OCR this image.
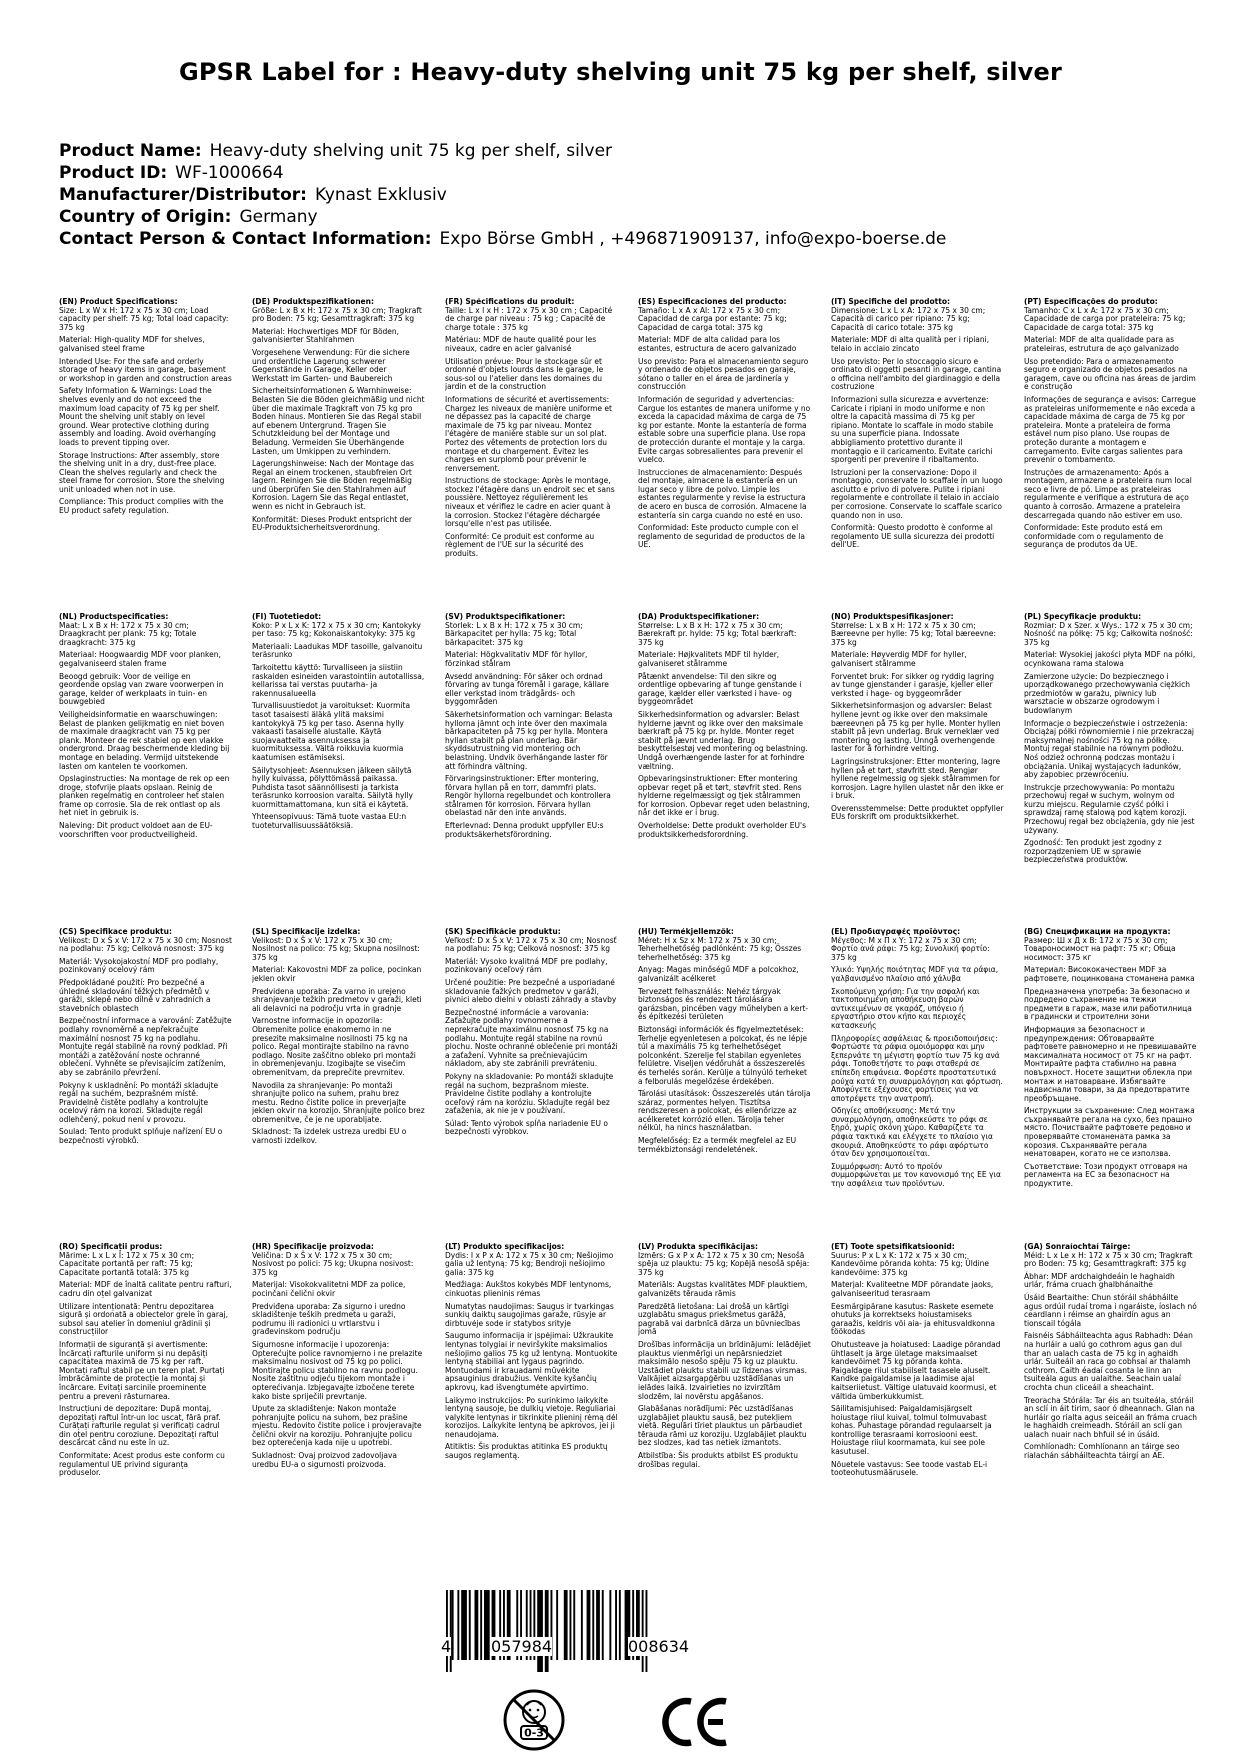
GPSR Label for : Heavy-duty shelving unit 75 kg per shelf, silver
Product Name: Heavy-duty shelving unit 75 kg per shelf, silver
Product ID: WF-1000664
Manufacturer/Distributor: Kynast Exklusiv
Country of Origin: Germany
Contact Person & Contact Information: Expo Börse GmbH , +496871909137, info@expo-boerse.de
(EN) Product Specifications:

Size: L x W x H: 172 x 75 x 30 cm; Load capacity per shelf: 75 kg; Total load capacity: 375 kg

Material: High-quality MDF for shelves, galvanised steel frame

Intended Use: For the safe and orderly storage of heavy items in garage, basement or workshop in garden and construction areas

Safety Information & Warnings: Load the shelves evenly and do not exceed the maximum load capacity of 75 kg per shelf. Mount the shelving unit stably on level ground. Wear protective clothing during assembly and loading. Avoid overhanging loads to prevent tipping over.

Storage Instructions: After assembly, store the shelving unit in a dry, dust-free place. Clean the shelves regularly and check the steel frame for corrosion. Store the shelving unit unloaded when not in use.

Compliance: This product complies with the EU product safety regulation.

(DE) Produktspezifikationen:

Größe: L x B x H: 172 x 75 x 30 cm; Tragkraft pro Boden: 75 kg; Gesamttragkraft: 375 kg

Material: Hochwertiges MDF für Böden, galvanisierter Stahlrahmen

Vorgesehene Verwendung: Für die sichere und ordentliche Lagerung schwerer Gegenstände in Garage, Keller oder Werkstatt im Garten- und Baubereich

Sicherheitsinformationen & Warnhinweise: Belasten Sie die Böden gleichmäßig und nicht über die maximale Tragkraft von 75 kg pro Boden hinaus. Montieren Sie das Regal stabil auf ebenem Untergrund. Tragen Sie Schutzkleidung bei der Montage und Beladung. Vermeiden Sie Überhängende Lasten, um Umkippen zu verhindern.

Lagerungshinweise: Nach der Montage das Regal an einem trockenen, staubfreien Ort lagern. Reinigen Sie die Böden regelmäßig und überprüfen Sie den Stahlrahmen auf Korrosion. Lagern Sie das Regal entlastet, wenn es nicht in Gebrauch ist.

Konformität: Dieses Produkt entspricht der EU-Produktsicherheitsverordnung.

(FR) Spécifications du produit:

Taille: L x l x H : 172 x 75 x 30 cm ; Capacité de charge par niveau : 75 kg ; Capacité de charge totale : 375 kg

Matériau: MDF de haute qualité pour les niveaux, cadre en acier galvanisé

Utilisation prévue: Pour le stockage sûr et ordonné d'objets lourds dans le garage, le sous-sol ou l'atelier dans les domaines du jardin et de la construction

Informations de sécurité et avertissements: Chargez les niveaux de manière uniforme et ne dépassez pas la capacité de charge maximale de 75 kg par niveau. Montez l'étagère de manière stable sur un sol plat. Portez des vêtements de protection lors du montage et du chargement. Évitez les charges en surplomb pour prévenir le renversement.

Instructions de stockage: Après le montage, stockez l'étagère dans un endroit sec et sans poussière. Nettoyez régulièrement les niveaux et vérifiez le cadre en acier quant à la corrosion. Stockez l'étagère déchargée lorsqu'elle n'est pas utilisée.

Conformité: Ce produit est conforme au règlement de l'UE sur la sécurité des produits.

(ES) Especificaciones del producto:

Tamaño: L x A x Al: 172 x 75 x 30 cm; Capacidad de carga por estante: 75 kg; Capacidad de carga total: 375 kg

Material: MDF de alta calidad para los estantes, estructura de acero galvanizado

Uso previsto: Para el almacenamiento seguro y ordenado de objetos pesados en garaje, sótano o taller en el área de jardinería y construcción

Información de seguridad y advertencias: Cargue los estantes de manera uniforme y no exceda la capacidad máxima de carga de 75 kg por estante. Monte la estantería de forma estable sobre una superficie plana. Use ropa de protección durante el montaje y la carga. Evite cargas sobresalientes para prevenir el vuelco.

Instrucciones de almacenamiento: Después del montaje, almacene la estantería en un lugar seco y libre de polvo. Limpie los estantes regularmente y revise la estructura de acero en busca de corrosión. Almacene la estantería sin carga cuando no esté en uso.

Conformidad: Este producto cumple con el reglamento de seguridad de productos de la UE.

(IT) Specifiche del prodotto:

Dimensione: L x L x A: 172 x 75 x 30 cm; Capacità di carico per ripiano: 75 kg; Capacità di carico totale: 375 kg

Materiale: MDF di alta qualità per i ripiani, telaio in acciaio zincato

Uso previsto: Per lo stoccaggio sicuro e ordinato di oggetti pesanti in garage, cantina o officina nell'ambito del giardinaggio e della costruzione

Informazioni sulla sicurezza e avvertenze: Caricate i ripiani in modo uniforme e non oltre la capacità massima di 75 kg per ripiano. Montate lo scaffale in modo stabile su una superficie piana. Indossate abbigliamento protettivo durante il montaggio e il caricamento. Evitate carichi sporgenti per prevenire il ribaltamento.

Istruzioni per la conservazione: Dopo il montaggio, conservate lo scaffale in un luogo asciutto e privo di polvere. Pulite i ripiani regolarmente e controllate il telaio in acciaio per corrosione. Conservate lo scaffale scarico quando non in uso.

Conformità: Questo prodotto è conforme al regolamento UE sulla sicurezza dei prodotti dell'UE.

(PT) Especificações do produto:

Tamanho: C x L x A: 172 x 75 x 30 cm; Capacidade de carga por prateleira: 75 kg; Capacidade de carga total: 375 kg

Material: MDF de alta qualidade para as prateleiras, estrutura de aço galvanizado

Uso pretendido: Para o armazenamento seguro e organizado de objetos pesados na garagem, cave ou oficina nas áreas de jardim e construção

Informações de segurança e avisos: Carregue as prateleiras uniformemente e não exceda a capacidade máxima de carga de 75 kg por prateleira. Monte a prateleira de forma estável num piso plano. Use roupas de proteção durante a montagem e carregamento. Evite cargas salientes para prevenir o tombamento.

Instruções de armazenamento: Após a montagem, armazene a prateleira num local seco e livre de pó. Limpe as prateleiras regularmente e verifique a estrutura de aço quanto à corrosão. Armazene a prateleira descarregada quando não estiver em uso.

Conformidade: Este produto está em conformidade com o regulamento de segurança de produtos da UE.

(NL) Productspecificaties:

Maat: L x B x H: 172 x 75 x 30 cm; Draagkracht per plank: 75 kg; Totale draagkracht: 375 kg

Materiaal: Hoogwaardig MDF voor planken, gegalvaniseerd stalen frame

Beoogd gebruik: Voor de veilige en geordende opslag van zware voorwerpen in garage, kelder of werkplaats in tuin- en bouwgebied

Veiligheidsinformatie en waarschuwingen: Belast de planken gelijkmatig en niet boven de maximale draagkracht van 75 kg per plank. Monteer de rek stabiel op een vlakke ondergrond. Draag beschermende kleding bij montage en belading. Vermijd uitstekende lasten om kantelen te voorkomen.

Opslaginstructies: Na montage de rek op een droge, stofvrije plaats opslaan. Reinig de planken regelmatig en controleer het stalen frame op corrosie. Sla de rek ontlast op als het niet in gebruik is.

Naleving: Dit product voldoet aan de EU-voorschriften voor productveiligheid.

(FI) Tuotetiedot:

Koko: P x L x K: 172 x 75 x 30 cm; Kantokyky per taso: 75 kg; Kokonaiskantokyky: 375 kg

Materiaali: Laadukas MDF tasoille, galvanoitu teräsrunko

Tarkoitettu käyttö: Turvalliseen ja siistiin raskaiden esineiden varastointiin autotallissa, kellarissa tai verstas puutarha- ja rakennusalueella

Turvallisuustiedot ja varoitukset: Kuormita tasot tasaisesti äläkä ylitä maksimi kantokykyä 75 kg per taso. Asenna hylly vakaasti tasaiselle alustalle. Käytä suojavaatteita asennuksessa ja kuormituksessa. Vältä roikkuvia kuormia kaatumisen estämiseksi.

Säilytysohjeet: Asennuksen jälkeen säilytä hylly kuivassa, pölyttömässä paikassa. Puhdista tasot säännöllisesti ja tarkista teräsrunko korroosion varalta. Säilytä hylly kuormittamattomana, kun sitä ei käytetä.

Yhteensopivuus: Tämä tuote vastaa EU:n tuoteturvallisuussäätöksiä.

(SV) Produktspecifikationer:

Storlek: L x B x H: 172 x 75 x 30 cm; Bärkapacitet per hylla: 75 kg; Total bärkapacitet: 375 kg

Material: Högkvalitativ MDF för hyllor, förzinkad stålram

Avsedd användning: För säker och ordnad förvaring av tunga föremål i garage, källare eller verkstad inom trädgårds- och byggområden

Säkerhetsinformation och varningar: Belasta hyllorna jämnt och inte över den maximala bärkapaciteten på 75 kg per hylla. Montera hyllan stabilt på plan underlag. Bär skyddsutrustning vid montering och belastning. Undvik överhängande laster för att förhindra vältning.

Förvaringsinstruktioner: Efter montering, förvara hyllan på en torr, dammfri plats. Rengör hyllorna regelbundet och kontrollera stålramen för korrosion. Förvara hyllan obelastad när den inte används.

Efterlevnad: Denna produkt uppfyller EU:s produktsäkerhetsförordning.

(DA) Produktspecifikationer:

Størrelse: L x B x H: 172 x 75 x 30 cm; Bærekraft pr. hylde: 75 kg; Total bærkraft: 375 kg

Materiale: Højkvalitets MDF til hylder, galvaniseret stålramme

Påtænkt anvendelse: Til den sikre og ordentlige opbevaring af tunge genstande i garage, kælder eller værksted i have- og byggeområdet

Sikkerhedsinformation og advarsler: Belast hylderne jævnt og ikke over den maksimale bærkraft på 75 kg pr. hylde. Monter reget stabilt på jævnt underlag. Brug beskyttelsestøj ved montering og belastning. Undgå overhængende laster for at forhindre væltning.

Opbevaringsinstruktioner: Efter montering opbevar reget på et tørt, støvfrit sted. Rens hylderne regelmæssigt og tjek stålrammen for korrosion. Opbevar reget uden belastning, når det ikke er i brug.

Overholdelse: Dette produkt overholder EU's produktsikkerhedsforordning.

(NO) Produktspesifikasjoner:

Størrelse: L x B x H: 172 x 75 x 30 cm; Bæreevne per hylle: 75 kg; Total bæreevne: 375 kg

Materiale: Høyverdig MDF for hyller, galvanisert stålramme

Forventet bruk: For sikker og ryddig lagring av tunge gjenstander i garasje, kjeller eller verksted i hage- og byggeområder

Sikkerhetsinformasjon og advarsler: Belast hyllene jevnt og ikke over den maksimale bæreevnen på 75 kg per hylle. Monter hyllen stabilt på jevn underlag. Bruk verneklær ved montering og lasting. Unngå overhengende laster for å forhindre velting.

Lagringsinstruksjoner: Etter montering, lagre hyllen på et tørt, støvfritt sted. Rengjør hyllene regelmessig og sjekk stålrammen for korrosjon. Lagre hyllen ulastet når den ikke er i bruk.

Overensstemmelse: Dette produktet oppfyller EUs forskrift om produktsikkerhet.

(PL) Specyfikacje produktu:

Rozmiar: D x Szer. x Wys.: 172 x 75 x 30 cm; Nośność na półkę: 75 kg; Całkowita nośność: 375 kg

Materiał: Wysokiej jakości płyta MDF na półki, ocynkowana rama stalowa

Zamierzone użycie: Do bezpiecznego i uporządkowanego przechowywania ciężkich przedmiotów w garażu, piwnicy lub warsztacie w obszarze ogrodowym i budowlanym

Informacje o bezpieczeństwie i ostrzeżenia: Obciążaj półki równomiernie i nie przekraczaj maksymalnej nośności 75 kg na półkę. Montuj regał stabilnie na równym podłożu. Noś odzież ochronną podczas montażu i obciążania. Unikaj wystających ładunków, aby zapobiec przewróceniu.

Instrukcje przechowywania: Po montażu przechowuj regał w suchym, wolnym od kurzu miejscu. Regularnie czyść półki i sprawdzaj ramę stalową pod kątem korozji. Przechowuj regał bez obciążenia, gdy nie jest używany.

Zgodność: Ten produkt jest zgodny z rozporządzeniem UE w sprawie bezpieczeństwa produktów.

(CS) Specifikace produktu:

Velikost: D x Š x V: 172 x 75 x 30 cm; Nosnost na podlahu: 75 kg; Celková nosnost: 375 kg

Materiál: Vysokojakostní MDF pro podlahy, pozinkovaný ocelový rám

Předpokládané použití: Pro bezpečné a úhledné skladování těžkých předmětů v garáži, sklepě nebo dílně v zahradních a stavebních oblastech

Bezpečnostní informace a varování: Zatěžujte podlahy rovnoměrně a nepřekračujte maximální nosnost 75 kg na podlahu. Montujte regál stabilně na rovný podklad. Při montáži a zatěžování noste ochranné oblečení. Vyhněte se převisajícím zatížením, aby se zabránilo převržení.

Pokyny k uskladnění: Po montáži skladujte regál na suchém, bezprašném místě. Pravidelně čistěte podlahy a kontrolujte ocelový rám na korozi. Skladujte regál odlehčený, pokud není v provozu.

Soulad: Tento produkt splňuje nařízení EU o bezpečnosti výrobků.

(SL) Specifikacije izdelka:

Velikost: D x Š x V: 172 x 75 x 30 cm; Nosilnost na polico: 75 kg; Skupna nosilnost: 375 kg

Material: Kakovostni MDF za police, pocinkan jeklen okvir

Predvidena uporaba: Za varno in urejeno shranjevanje težkih predmetov v garaži, kleti ali delavnici na področju vrta in gradnje

Varnostne informacije in opozorila: Obremenite police enakomerno in ne presezite maksimalne nosilnosti 75 kg na polico. Regal montirajte stabilno na ravno podlago. Nosite zaščitno obleko pri montaži in obremenjevanju. Izogibajte se visečim obremenitvam, da preprečite prevrnitev.

Navodila za shranjevanje: Po montaži shranjujte polico na suhem, prahu brez mestu. Redno čistite police in preverjajte jeklen okvir na korozijo. Shranjujte polico brez obremenitve, če je ne uporabljate.

Skladnost: Ta izdelek ustreza uredbi EU o varnosti izdelkov.

(SK) Špecifikácie produktu:

Veľkosť: D x Š x V: 172 x 75 x 30 cm; Nosnosť na podlahu: 75 kg; Celková nosnosť: 375 kg

Materiál: Vysoko kvalitná MDF pre podlahy, pozinkovaný oceľový rám

Určené použitie: Pre bezpečné a usporiadané skladovanie ťažkých predmetov v garáži, pivnici alebo dielni v oblasti záhrady a stavby

Bezpečnostné informácie a varovania: Zaťažujte podlahy rovnomerne a neprekračujte maximálnu nosnosť 75 kg na podlahu. Montujte regál stabilne na rovnú plochu. Noste ochranné oblečenie pri montáži a zaťažení. Vyhnite sa prečnievajúcim nákladom, aby ste zabránili prevráteniu.

Pokyny na skladovanie: Po montáži skladujte regál na suchom, bezprašnom mieste. Pravidelne čistite podlahy a kontrolujte oceľový rám na koróziu. Skladujte regál bez zaťaženia, ak nie je v používaní.

Súlad: Tento výrobok spĺňa nariadenie EU o bezpečnosti výrobkov.

(HU) Termékjellemzők:

Méret: H x Sz x M: 172 x 75 x 30 cm; Teherhelhetőség padlónként: 75 kg; Összes teherhelhetőség: 375 kg

Anyag: Magas minőségű MDF a polcokhoz, galvanizált acélkeret

Tervezett felhasználás: Nehéz tárgyak biztonságos és rendezett tárolására garázsban, pincében vagy műhelyben a kert- és építkezési területen

Biztonsági információk és figyelmeztetések: Terhelje egyenletesen a polcokat, és ne lépje túl a maximális 75 kg terhelhetőséget polconként. Szerelje fel stabilan egyenletes felületre. Viseljen védőruhát a összeszerelés és terhelés során. Kerülje a túlnyúló terheket a felborulás megelőzése érdekében.

Tárolási utasítások: Összeszerelés után tárolja száraz, pormentes helyen. Tisztítsa rendszeresen a polcokat, és ellenőrizze az acélkeretet korrózió ellen. Tárolja teher nélkül, ha nincs használatban.

Megfelelőség: Ez a termék megfelel az EU termékbiztonsági rendeletének.

(EL) Προδιαγραφές προϊόντος:

Μέγεθος: Μ x Π x Υ: 172 x 75 x 30 cm; Φορτίο ανά ράφι: 75 kg; Συνολική φορτίο: 375 kg

Υλικό: Υψηλής ποιότητας MDF για τα ράφια, γαλβανισμένο πλαίσιο από χάλυβα

Σκοπούμενη χρήση: Για την ασφαλή και τακτοποιημένη αποθήκευση βαρών αντικειμένων σε γκαράζ, υπόγειο ή εργαστήριο στον κήπο και περιοχές κατασκευής

Πληροφορίες ασφάλειας & προειδοποιήσεις: Φορτώστε τα ράφια ομοιόμορφα και μην ξεπερνάτε τη μέγιστη φορτίο των 75 kg ανά ράφι. Τοποθετήστε το ραφι σταθερά σε επίπεδη επιφάνεια. Φορέστε προστατευτικά ρούχα κατά τη συναρμολόγηση και φόρτωση. Αποφύγετε εξέχουσες φορτίσεις για να αποτρέψετε την ανατροπή.

Οδηγίες αποθήκευσης: Μετά την συναρμολόγηση, αποθηκεύστε το ράφι σε ξηρό, χωρίς σκόνη χώρο. Καθαρίζετε τα ράφια τακτικά και ελέγχετε το πλαίσιο για σκουριά. Αποθηκεύστε το ράφι αφόρτωτο όταν δεν χρησιμοποιείται.

Συμμόρφωση: Αυτό το προϊόν συμμορφώνεται με τον κανονισμό της ΕΕ για την ασφάλεια των προϊόντων.

(BG) Спецификации на продукта:

Размер: Ш x Д x В: 172 x 75 x 30 cm; Товароносимост на рафт: 75 кг; Обща носимост: 375 кг

Материал: Висококачествен MDF за рафтовете, поцинкована стоманена рамка

Предназначена употреба: За безопасно и подредено съхранение на тежки предмети в гараж, мазе или работилница в градински и строителни зони

Информация за безопасност и предупреждения: Обтоварвайте рафтовете равномерно и не превишавайте максималната носимост от 75 кг на рафт. Монтирайте рафта стабилно на равна повърхност. Носете защитни облекла при монтаж и натоварване. Избягвайте надвиснали товари, за да предотвратите преобръщане.

Инструкции за съхранение: След монтажа съхранявайте регала на сухо, без прашно място. Почиствайте рафтовете редовно и проверявайте стоманената рамка за корозия. Съхранявайте регала ненатоварен, когато не се използва.

Съответствие: Този продукт отговаря на регламента на ЕС за безопасност на продуктите.

(RO) Specificații produs:

Mărime: L x L x Î: 172 x 75 x 30 cm; Capacitate portantă per raft: 75 kg; Capacitate portantă totală: 375 kg

Material: MDF de înaltă calitate pentru rafturi, cadru din oțel galvanizat

Utilizare intenționată: Pentru depozitarea sigură și ordonată a obiectelor grele în garaj, subsol sau atelier în domeniul grădinii și construcțiilor

Informații de siguranță și avertismente: Încărcați rafturile uniform și nu depășiți capacitatea maximă de 75 kg per raft. Montați raftul stabil pe un teren plat. Purtați îmbrăcăminte de protecție la montaj și încărcare. Evitați sarcinile proeminente pentru a preveni răsturnarea.

Instrucțiuni de depozitare: După montaj, depozitați raftul într-un loc uscat, fără praf. Curățați rafturile regulat și verificați cadrul din oțel pentru coroziune. Depozitați raftul descărcat când nu este în uz.

Conformitate: Acest produs este conform cu regulamentul UE privind siguranța produselor.

(HR) Specifikacije proizvoda:

Veličina: D x Š x V: 172 x 75 x 30 cm; Nosivost po polici: 75 kg; Ukupna nosivost: 375 kg

Materijal: Visokokvalitetni MDF za police, pocinčani čelični okvir

Predviđena uporaba: Za sigurno i uredno skladištenje teških predmeta u garaži, podrumu ili radionici u vrtlarstvu i građevinskom području

Sigurnosne informacije i upozorenja: Opterećujte police ravnomjerno i ne prelazite maksimalnu nosivost od 75 kg po polici. Montirajte policu stabilno na ravnu podlogu. Nosite zaštitnu odjeću tijekom montaže i opterećivanja. Izbjegavajte izbočene terete kako biste spriječili prevrtanje.

Upute za skladištenje: Nakon montaže pohranjujte policu na suhom, bez prašine mjestu. Redovito čistite police i provjeravajte čelični okvir na koroziju. Pohranjujte policu bez opterećenja kada nije u upotrebi.

Sukladnost: Ovaj proizvod zadovoljava uredbu EU-a o sigurnosti proizvoda.

(LT) Produkto specifikacijos:

Dydis: I x P x A: 172 x 75 x 30 cm; Nešiojimo galia už lentyną: 75 kg; Bendroji nešiojimo galia: 375 kg

Medžiaga: Aukštos kokybės MDF lentynoms, cinkuotas plieninis rėmas

Numatytas naudojimas: Saugus ir tvarkingas sunkių daiktų saugojimas garaže, rūsyje ar dirbtuvėje sode ir statybos srityje

Saugumo informacija ir įspėjimai: Užkraukite lentynas tolygiai ir neviršykite maksimalios nešiojimo galios 75 kg už lentyną. Montuokite lentyną stabiliai ant lygaus pagrindo. Montuodami ir krauadami mūvėkite apsauginius drabužius. Venkite kyšančių apkrovų, kad išvengtumėte apvirtimo.

Laikymo instrukcijos: Po surinkimo laikykite lentyną sausoje, be dulkių vietoje. Reguliariai valykite lentynas ir tikrinkite plieninį rėmą dėl korozijos. Laikykite lentyną be apkrovos, jei ji nenaudojama.

Atitiktis: Šis produktas atitinka ES produktų saugos reglamentą.

(LV) Produkta specifikācijas:

Izmērs: G x P x A: 172 x 75 x 30 cm; Nesošā spēja uz plauktu: 75 kg; Kopējā nesošā spēja: 375 kg

Materiāls: Augstas kvalitātes MDF plauktiem, galvanizēts tērauda rāmis

Paredzētā lietošana: Lai drošā un kārtīgi uzglabātu smagus priekšmetus garāžā, pagrabā vai darbnīcā dārza un būvniecības jomā

Drošības informācija un brīdinājumi: Ielādējiet plauktus vienmērīgi un nepārsniedziet maksimālo nesošo spēju 75 kg uz plauktu. Uzstādiet plauktu stabili uz līdzenas virsmas. Valkājiet aizsargapģērbu uzstādīšanas un ielādes laikā. Izvairieties no izvirzītām slodzēm, lai novērstu apgāšanos.

Glabāšanas norādījumi: Pēc uzstādīšanas uzglabājiet plauktu sausā, bez putekļiem vietā. Regulāri tīriet plauktus un pārbaudiet tērauda rāmi uz koroziju. Uzglabājiet plauktu bez slodzes, kad tas netiek izmantots.

Atbilstība: Šis produkts atbilst ES produktu drošības regulai.

(ET) Toote spetsifikatsioonid:

Suurus: P x L x K: 172 x 75 x 30 cm; Kandevõime põranda kohta: 75 kg; Üldine kandevõime: 375 kg

Materjal: Kvaliteetne MDF põrandate jaoks, galvaniseeritud terasraam

Eesmärgipärane kasutus: Raskete esemete ohutuks ja korrektseks hoiustamiseks garaažis, keldris või aia- ja ehitusvaldkonna töökodas

Ohutusteave ja hoiatused: Laadige põrandad ühtlaselt ja ärge ületage maksimaalset kandevõimet 75 kg põranda kohta. Paigaldage riiul stabiilselt tasasele aluselt. Kandke paigaldamise ja laadimise ajal kaitseriietust. Vältige ulatuvaid koormusi, et vältida ümberkukkumist.

Säilitamisjuhised: Paigaldamisjärgselt hoiustage riiul kuival, tolmul tolmuvabast kohas. Puhastage põrandad regulaarselt ja kontrollige terasraami korrosiooni eest. Hoiustage riiul koormamata, kui see pole kasutusel.

Nõuetele vastavus: See toode vastab EL-i tooteohutusmäärusele.

(GA) Sonraíochtaí Táirge:

Méid: L x Le x H: 172 x 75 x 30 cm; Tragkraft pro Boden: 75 kg; Gesamttragkraft: 375 kg

Ábhar: MDF ardchaighdeáin le haghaidh urlár, fráma cruach ghalbhánaithe

Úsáid Beartaithe: Chun stóráil shábháilte agus ordúil rudaí troma i ngaráiste, íoslach nó ceardlann i réimse an ghairdín agus an tionscail tógála

Faisnéis Sábháilteachta agus Rabhadh: Déan na hurláir a ualú go cothrom agus gan dul thar an ualach casta de 75 kg in aghaidh urlár. Suiteáil an raca go cobhsaí ar thalamh cothrom. Caith éadaí cosanta le linn an tsuiteála agus an ualaithe. Seachain ualaí crochta chun cliceáil a sheachaint.

Treoracha Stórála: Tar éis an tsuiteála, stóráil an sclí in áit tirim, saor ó dheannach. Glan na hurláir go rialta agus seiceáil an fráma cruach le haghaidh creimeadh. Stóráil an sclí gan ualach nuair nach bhfuil sé in úsáid.

Comhlíonadh: Comhlíonann an táirge seo rialachán sábháilteachta táirgí an AE.

4 057984	008634
0-3
